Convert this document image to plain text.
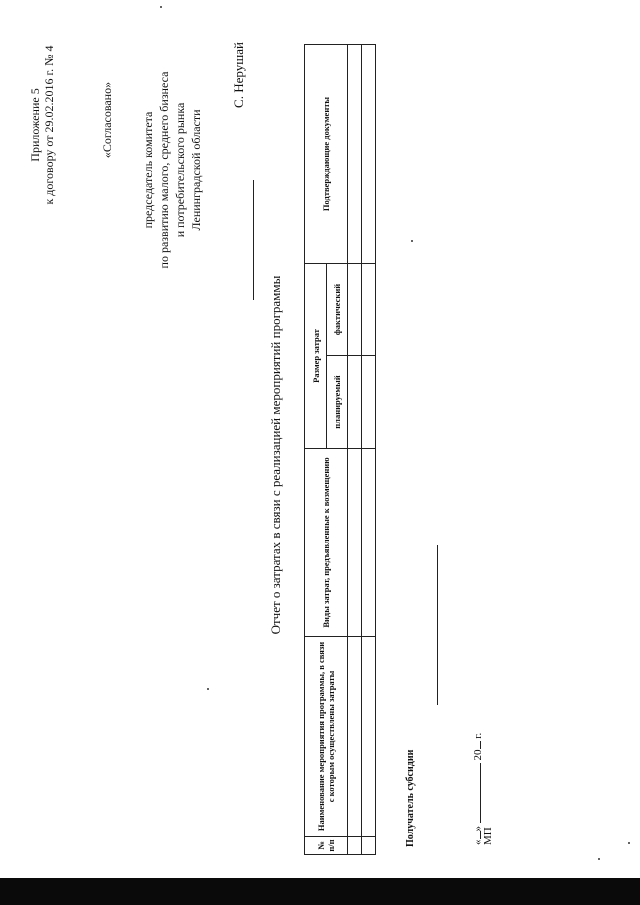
Приложение 5 к договору от 29.02.2016 г. № 4	«Согласовано» председатель комитета по развитию малого, среднего бизнеса и потребительского рынка Ленинградской области
С. Нерушай
Отчет о затратах в связи с реализацией мероприятий программы
№ п/п	Наименование мероприятия программы, в связи с которым осуществлены затраты	Виды затрат, предъявленные к возмещению	Размер затрат		Подтверждающие документы
			планируемый	фактический	

Получатель субсидии	«»  20 г.
МП
